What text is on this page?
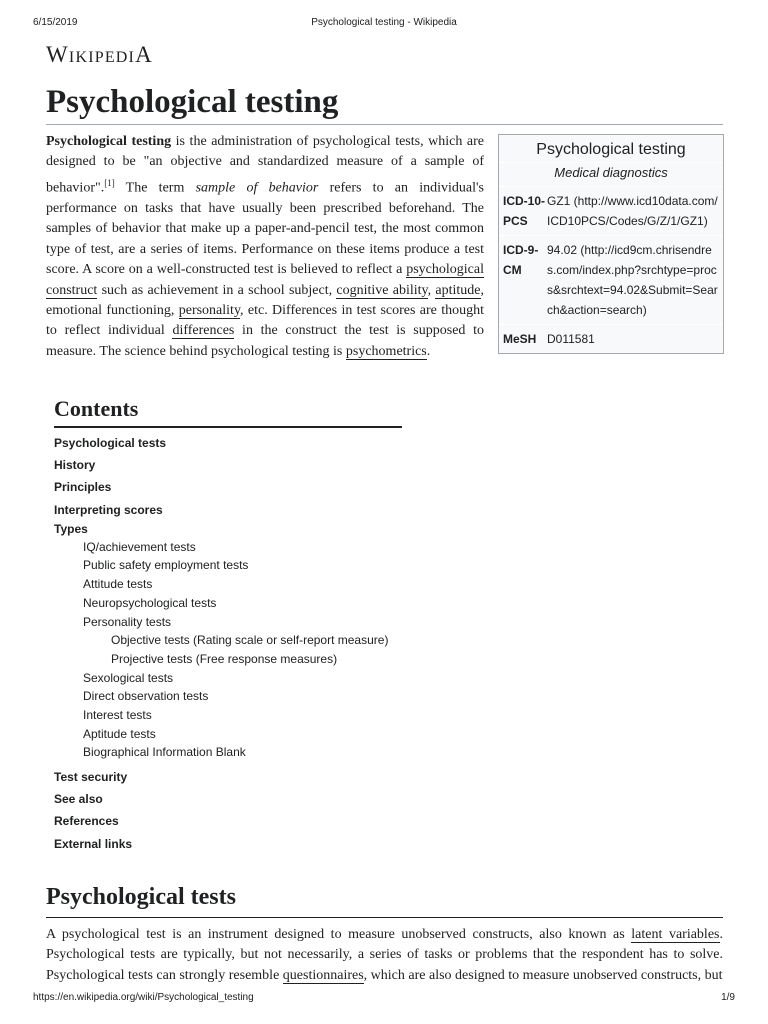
6/15/2019	Psychological testing - Wikipedia
WikipediA
Psychological testing

Psychological testing is the administration of psychological tests, which are designed to be "an objective and standardized measure of a sample of behavior".[1] The term sample of behavior refers to an individual's performance on tasks that have usually been prescribed beforehand. The samples of behavior that make up a paper-and-pencil test, the most common type of test, are a series of items. Performance on these items produce a test score. A score on a well-constructed test is believed to reflect a psychological construct such as achievement in a school subject, cognitive ability, aptitude, emotional functioning, personality, etc. Differences in test scores are thought to reflect individual differences in the construct the test is supposed to measure. The science behind psychological testing is psychometrics.

Psychological testing
Medical diagnostics
ICD-10-PCS
GZ1 (http://www.icd10data.com/ICD10PCS/Codes/G/Z/1/GZ1)
ICD-9-CM
94.02 (http://icd9cm.chrisendres.com/index.php?srchtype=procs&srchtext=94.02&Submit=Search&action=search)
MeSH D011581
Contents
Psychological tests
History
Principles
Interpreting scores
Types
IQ/achievement tests
Public safety employment tests
Attitude tests
Neuropsychological tests
Personality tests
Objective tests (Rating scale or self-report measure)
Projective tests (Free response measures)
Sexological tests
Direct observation tests
Interest tests
Aptitude tests
Biographical Information Blank
Test security
See also
References
External links
Psychological tests

A psychological test is an instrument designed to measure unobserved constructs, also known as latent variables. Psychological tests are typically, but not necessarily, a series of tasks or problems that the respondent has to solve. Psychological tests can strongly resemble questionnaires, which are also designed to measure unobserved constructs, but

https://en.wikipedia.org/wiki/Psychological_testing	1/9
